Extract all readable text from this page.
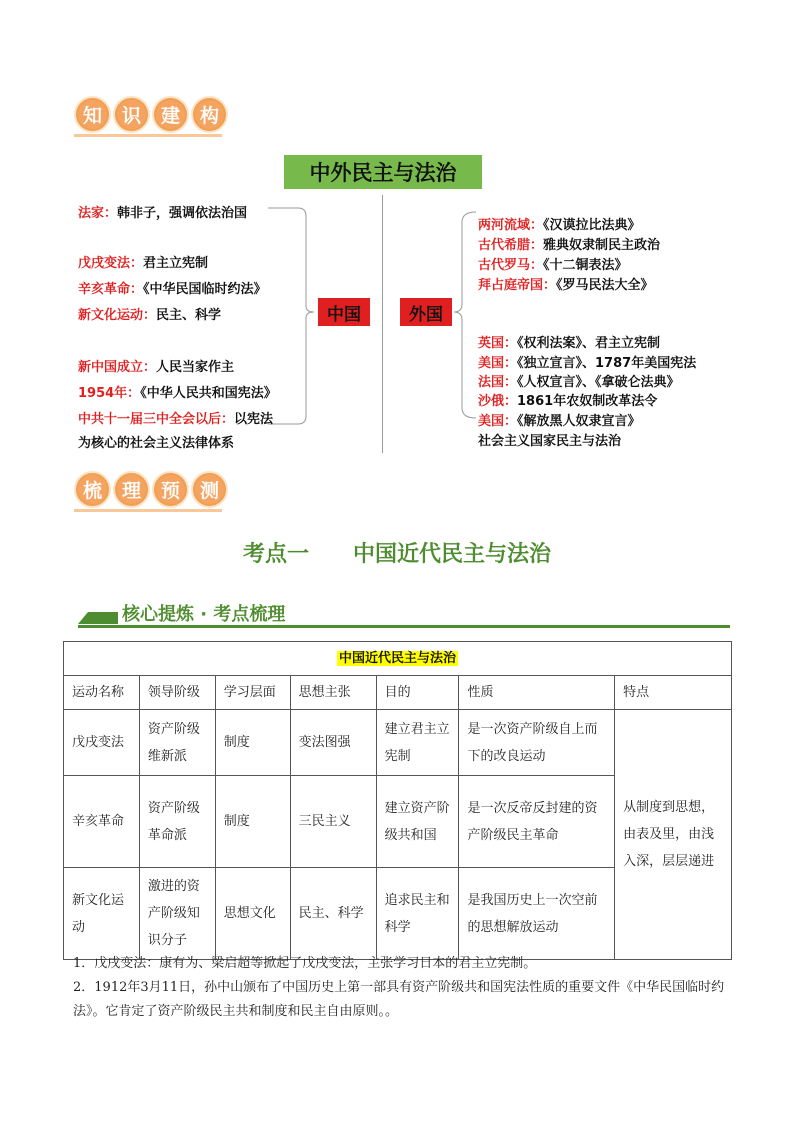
知	识	建	构
中外民主与法治
中国	外国
法家：韩非子，强调依法治国
戊戌变法：君主立宪制
辛亥革命：《中华民国临时约法》
新文化运动：民主、科学
新中国成立：人民当家作主
1954年：《中华人民共和国宪法》
中共十一届三中全会以后：以宪法
为核心的社会主义法律体系
两河流域：《汉谟拉比法典》
古代希腊：雅典奴隶制民主政治
古代罗马：《十二铜表法》
拜占庭帝国：《罗马民法大全》
英国：《权利法案》、君主立宪制
美国：《独立宣言》、1787年美国宪法
法国：《人权宣言》、《拿破仑法典》
沙俄：1861年农奴制改革法令
美国：《解放黑人奴隶宣言》
社会主义国家民主与法治
梳	理	预	测
考点一　　中国近代民主与法治
核心提炼 · 考点梳理
中国近代民主与法治						
运动名称	领导阶级	学习层面	思想主张	目的	性质	特点
戊戌变法	资产阶级维新派	制度	变法图强	建立君主立宪制	是一次资产阶级自上而下的改良运动	从制度到思想，由表及里，由浅入深，层层递进
辛亥革命	资产阶级革命派	制度	三民主义	建立资产阶级共和国	是一次反帝反封建的资产阶级民主革命	
新文化运动	激进的资产阶级知识分子	思想文化	民主、科学	追求民主和科学	是我国历史上一次空前的思想解放运动	
1．戊戌变法：康有为、梁启超等掀起了戊戌变法，主张学习日本的君主立宪制。
2．1912年3月11日，孙中山颁布了中国历史上第一部具有资产阶级共和国宪法性质的重要文件《中华民国临时约法》。它肯定了资产阶级民主共和制度和民主自由原则。。
